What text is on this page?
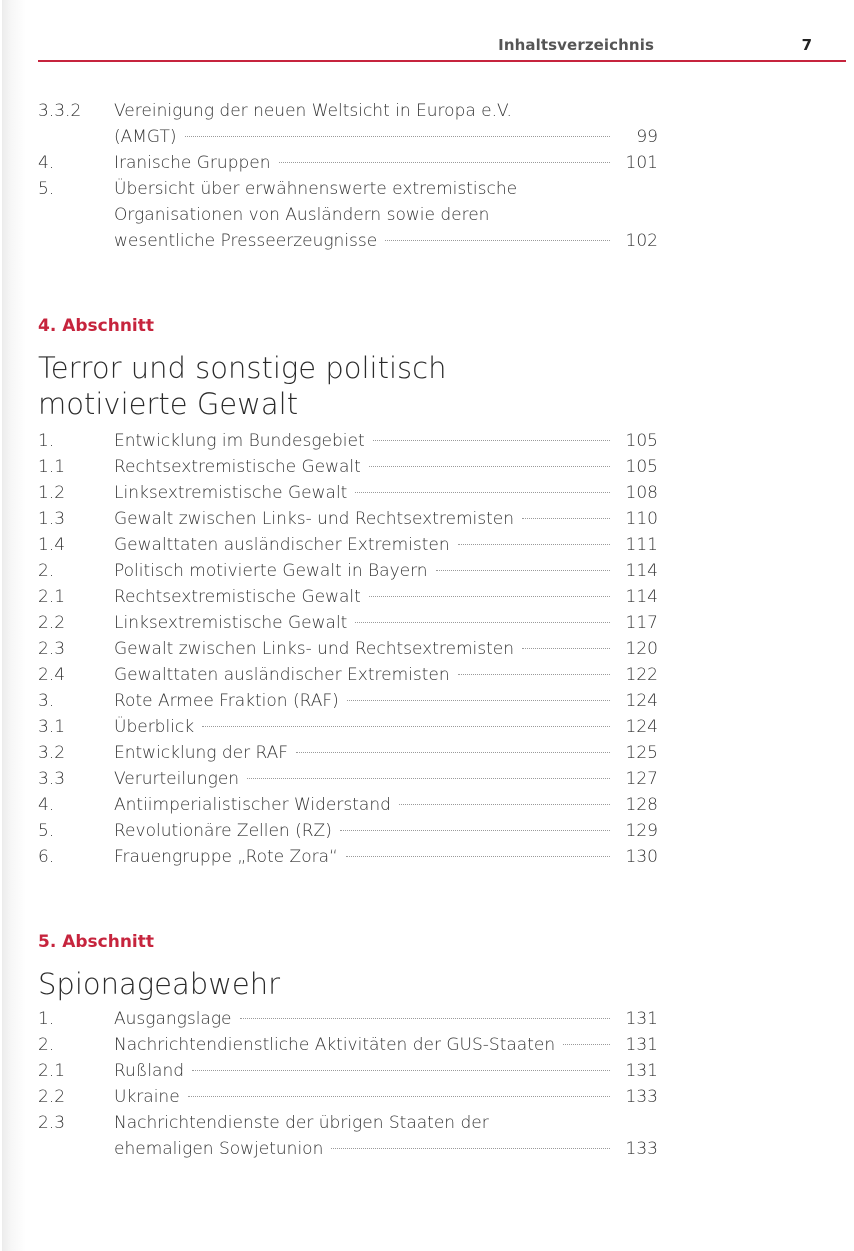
Inhaltsverzeichnis	7
3.3.2	Vereinigung der neuen Weltsicht in Europa e.V.
(AMGT)	99
4.	Iranische Gruppen	101
5.	Übersicht über erwähnenswerte extremistische
Organisationen von Ausländern sowie deren
wesentliche Presseerzeugnisse	102
4. Abschnitt
Terror und sonstige politisch
motivierte Gewalt
1.	Entwicklung im Bundesgebiet	105
1.1	Rechtsextremistische Gewalt	105
1.2	Linksextremistische Gewalt	108
1.3	Gewalt zwischen Links- und Rechtsextremisten	110
1.4	Gewalttaten ausländischer Extremisten	111
2.	Politisch motivierte Gewalt in Bayern	114
2.1	Rechtsextremistische Gewalt	114
2.2	Linksextremistische Gewalt	117
2.3	Gewalt zwischen Links- und Rechtsextremisten	120
2.4	Gewalttaten ausländischer Extremisten	122
3.	Rote Armee Fraktion (RAF)	124
3.1	Überblick	124
3.2	Entwicklung der RAF	125
3.3	Verurteilungen	127
4.	Antiimperialistischer Widerstand	128
5.	Revolutionäre Zellen (RZ)	129
6.	Frauengruppe „Rote Zora“	130
5. Abschnitt
Spionageabwehr
1.	Ausgangslage	131
2.	Nachrichtendienstliche Aktivitäten der GUS-Staaten	131
2.1	Rußland	131
2.2	Ukraine	133
2.3	Nachrichtendienste der übrigen Staaten der
ehemaligen Sowjetunion	133
